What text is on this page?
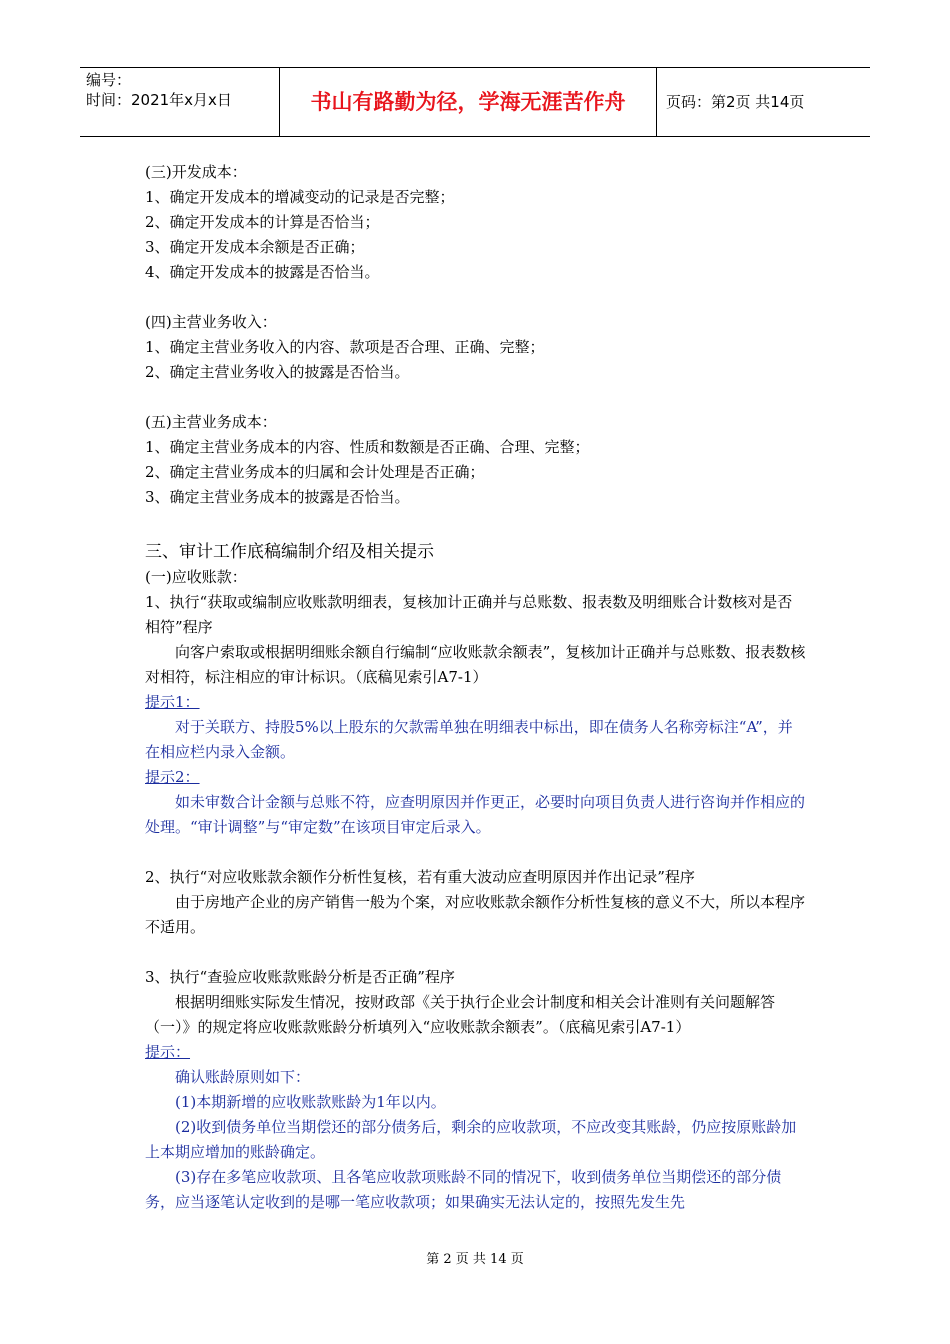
编号：
时间：2021年x月x日	书山有路勤为径，学海无涯苦作舟	页码：第2页 共14页
(三)开发成本：
1、确定开发成本的增减变动的记录是否完整；
2、确定开发成本的计算是否恰当；
3、确定开发成本余额是否正确；
4、确定开发成本的披露是否恰当。
(四)主营业务收入：
1、确定主营业务收入的内容、款项是否合理、正确、完整；
2、确定主营业务收入的披露是否恰当。
(五)主营业务成本：
1、确定主营业务成本的内容、性质和数额是否正确、合理、完整；
2、确定主营业务成本的归属和会计处理是否正确；
3、确定主营业务成本的披露是否恰当。
三、审计工作底稿编制介绍及相关提示
(一)应收账款：
1、执行“获取或编制应收账款明细表，复核加计正确并与总账数、报表数及明细账合计数核对是否相符”程序
向客户索取或根据明细账余额自行编制“应收账款余额表”，复核加计正确并与总账数、报表数核对相符，标注相应的审计标识。（底稿见索引A7-1）
提示1：
对于关联方、持股5%以上股东的欠款需单独在明细表中标出，即在债务人名称旁标注“A”，并在相应栏内录入金额。
提示2：
如未审数合计金额与总账不符，应查明原因并作更正，必要时向项目负责人进行咨询并作相应的处理。“审计调整”与“审定数”在该项目审定后录入。
2、执行“对应收账款余额作分析性复核，若有重大波动应查明原因并作出记录”程序
由于房地产企业的房产销售一般为个案，对应收账款余额作分析性复核的意义不大，所以本程序不适用。
3、执行“查验应收账款账龄分析是否正确”程序
根据明细账实际发生情况，按财政部《关于执行企业会计制度和相关会计准则有关问题解答（一）》的规定将应收账款账龄分析填列入“应收账款余额表”。（底稿见索引A7-1）
提示：
确认账龄原则如下：
(1)本期新增的应收账款账龄为1年以内。
(2)收到债务单位当期偿还的部分债务后，剩余的应收款项，不应改变其账龄，仍应按原账龄加上本期应增加的账龄确定。
(3)存在多笔应收款项、且各笔应收款项账龄不同的情况下，收到债务单位当期偿还的部分债务，应当逐笔认定收到的是哪一笔应收款项；如果确实无法认定的，按照先发生先
第 2 页 共 14 页
